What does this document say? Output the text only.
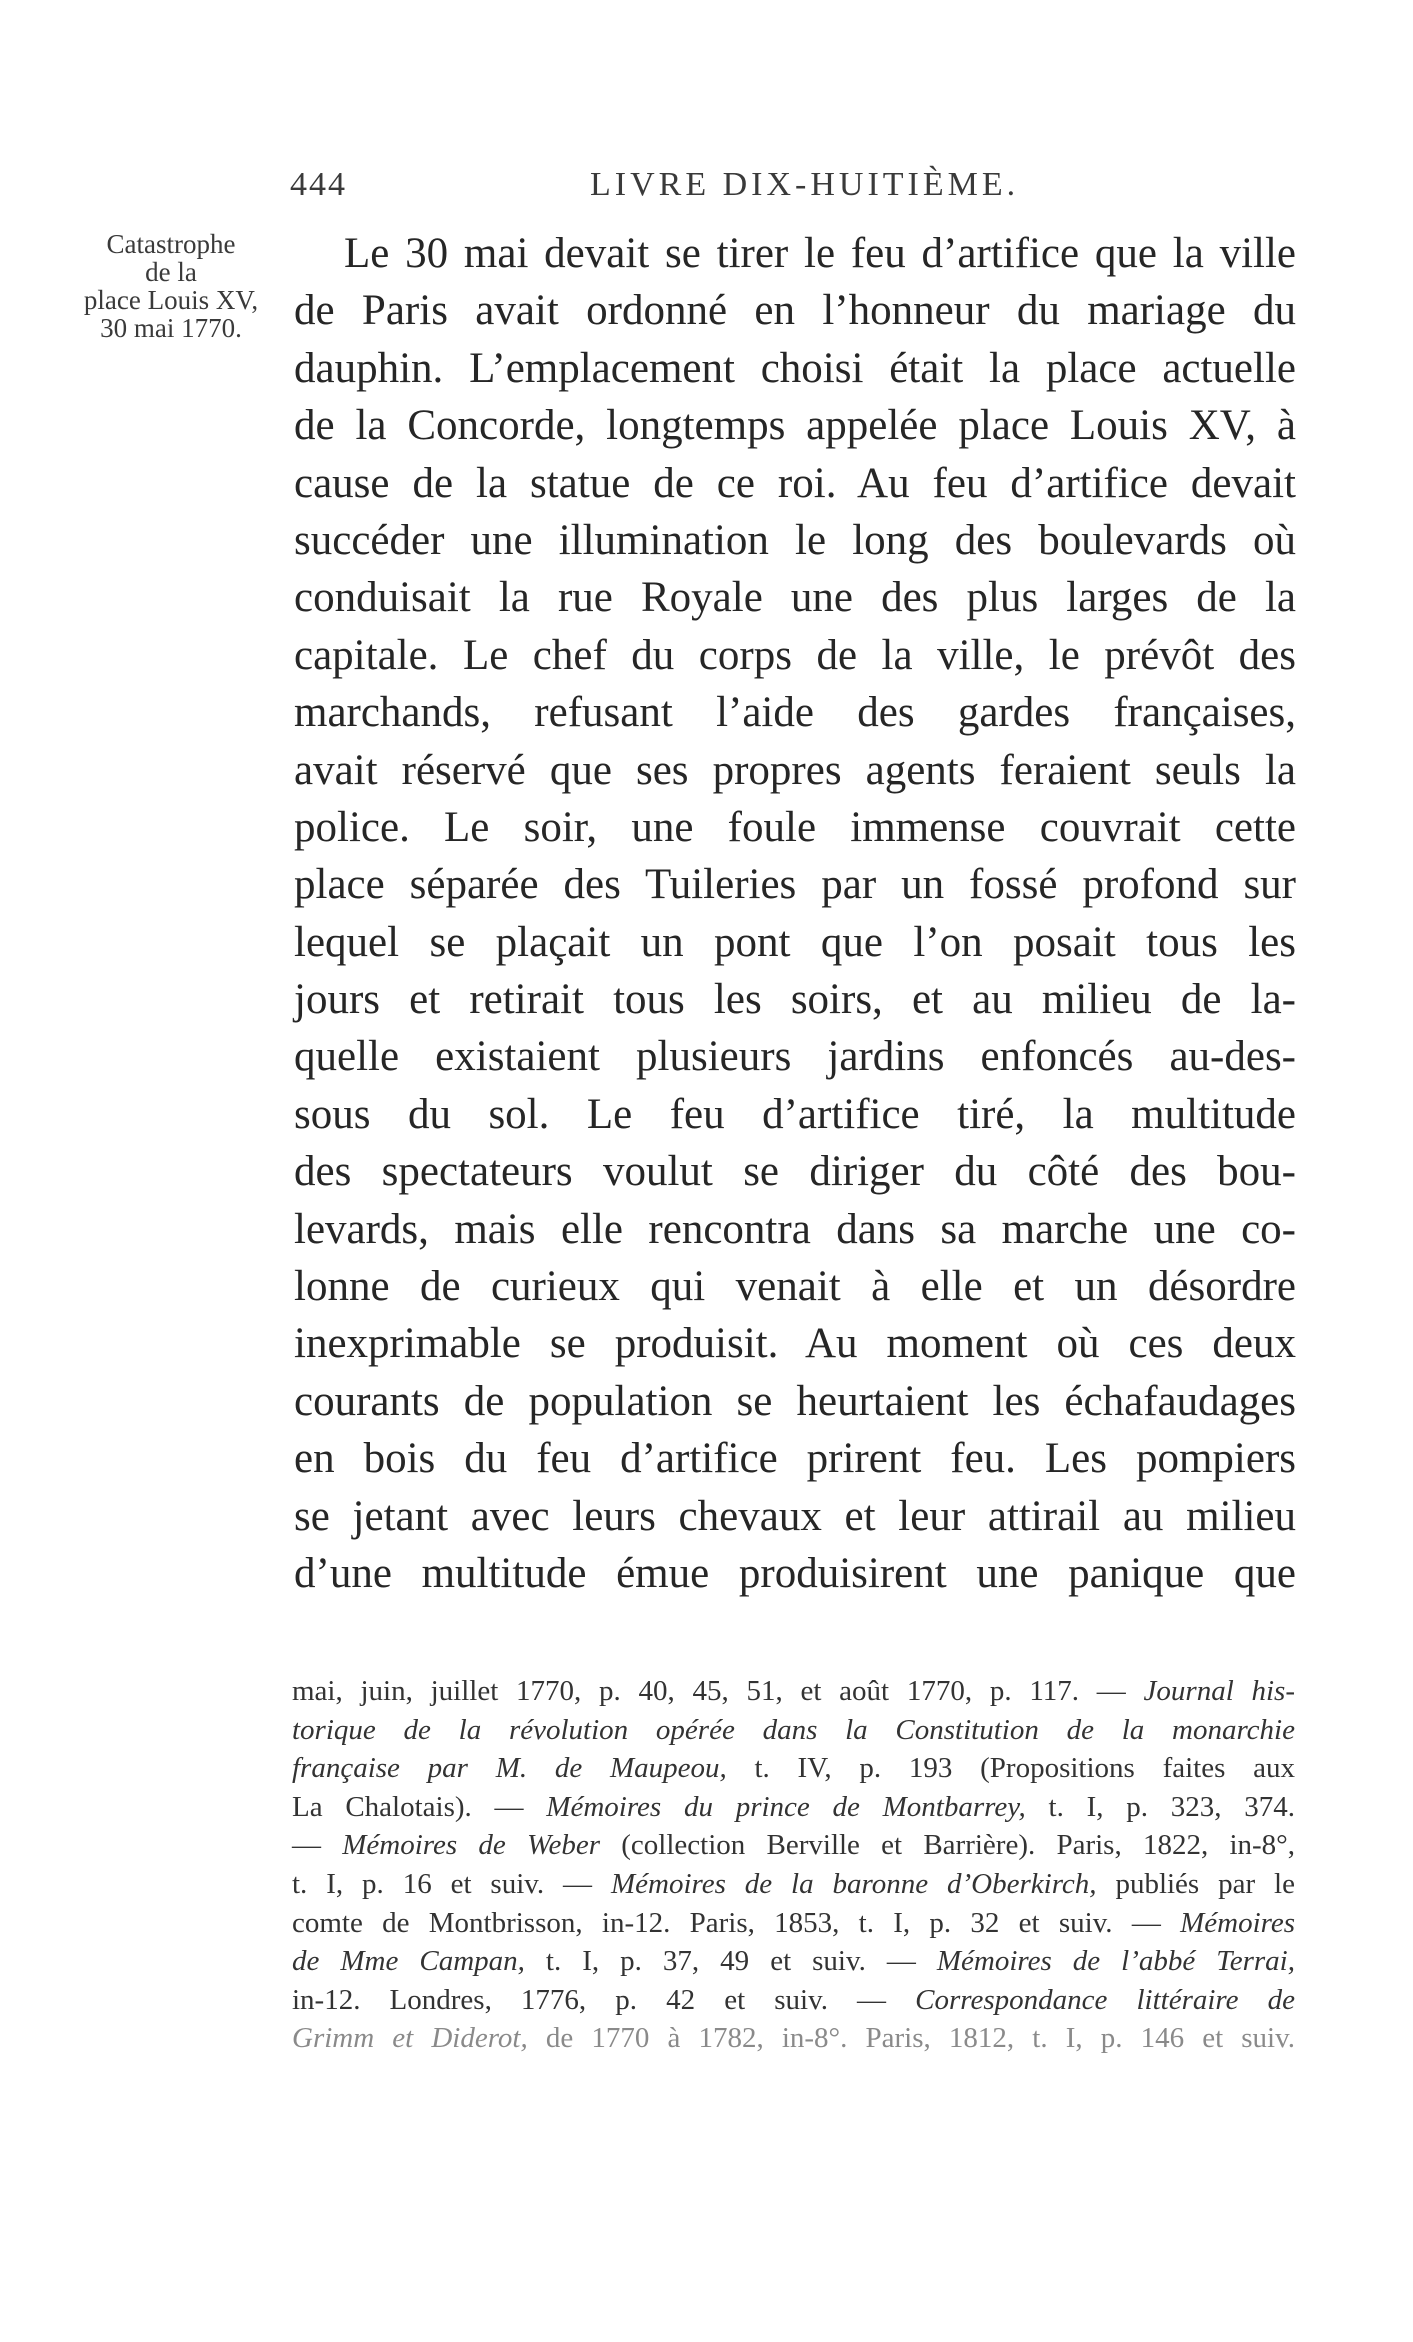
444	LIVRE DIX-HUITIÈME.
Catastrophe
de la
place Louis XV,
30 mai 1770.
Le 30 mai devait se tirer le feu d’artifice que la ville
de Paris avait ordonné en l’honneur du mariage du
dauphin. L’emplacement choisi était la place actuelle
de la Concorde, longtemps appelée place Louis XV, à
cause de la statue de ce roi. Au feu d’artifice devait
succéder une illumination le long des boulevards où
conduisait la rue Royale une des plus larges de la
capitale. Le chef du corps de la ville, le prévôt des
marchands, refusant l’aide des gardes françaises,
avait réservé que ses propres agents feraient seuls la
police. Le soir, une foule immense couvrait cette
place séparée des Tuileries par un fossé profond sur
lequel se plaçait un pont que l’on posait tous les
jours et retirait tous les soirs, et au milieu de la-
quelle existaient plusieurs jardins enfoncés au-des-
sous du sol. Le feu d’artifice tiré, la multitude
des spectateurs voulut se diriger du côté des bou-
levards, mais elle rencontra dans sa marche une co-
lonne de curieux qui venait à elle et un désordre
inexprimable se produisit. Au moment où ces deux
courants de population se heurtaient les échafaudages
en bois du feu d’artifice prirent feu. Les pompiers
se jetant avec leurs chevaux et leur attirail au milieu
d’une multitude émue produisirent une panique que
mai, juin, juillet 1770, p. 40, 45, 51, et août 1770, p. 117. — Journal his-
torique de la révolution opérée dans la Constitution de la monarchie
française par M. de Maupeou, t. IV, p. 193 (Propositions faites aux
La Chalotais). — Mémoires du prince de Montbarrey, t. I, p. 323, 374.
— Mémoires de Weber (collection Berville et Barrière). Paris, 1822, in-8°,
t. I, p. 16 et suiv. — Mémoires de la baronne d’Oberkirch, publiés par le
comte de Montbrisson, in-12. Paris, 1853, t. I, p. 32 et suiv. — Mémoires
de Mme Campan, t. I, p. 37, 49 et suiv. — Mémoires de l’abbé Terrai,
in-12. Londres, 1776, p. 42 et suiv. — Correspondance littéraire de
Grimm et Diderot, de 1770 à 1782, in-8°. Paris, 1812, t. I, p. 146 et suiv.
